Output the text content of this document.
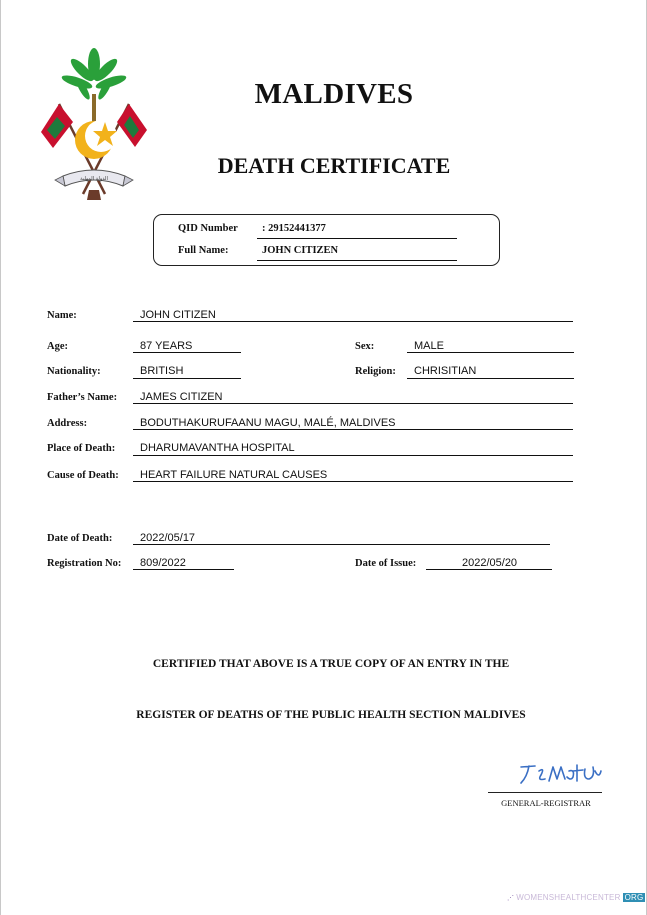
ﺍﻟﺪﻭﻟﺔ ﺍﻟﻤﻬﻠﻴﺔ
MALDIVES
DEATH CERTIFICATE
QID Number : 29152441377
Full Name:	JOHN CITIZEN
Name:	JOHN CITIZEN
Age:	87 YEARS	Sex:	MALE
Nationality:	BRITISH	Religion: CHRISITIAN
Father’s Name: JAMES CITIZEN
Address:	BODUTHAKURUFAANU MAGU, MALÉ, MALDIVES
Place of Death: DHARUMAVANTHA HOSPITAL
Cause of Death: HEART FAILURE NATURAL CAUSES
Date of Death:	2022/05/17
Registration No: 809/2022	Date of Issue:	2022/05/20
CERTIFIED THAT ABOVE IS A TRUE COPY OF AN ENTRY IN THE
REGISTER OF DEATHS OF THE PUBLIC HEALTH SECTION MALDIVES
GENERAL-REGISTRAR
⋰ WOMENSHEALTHCENTER ORG
